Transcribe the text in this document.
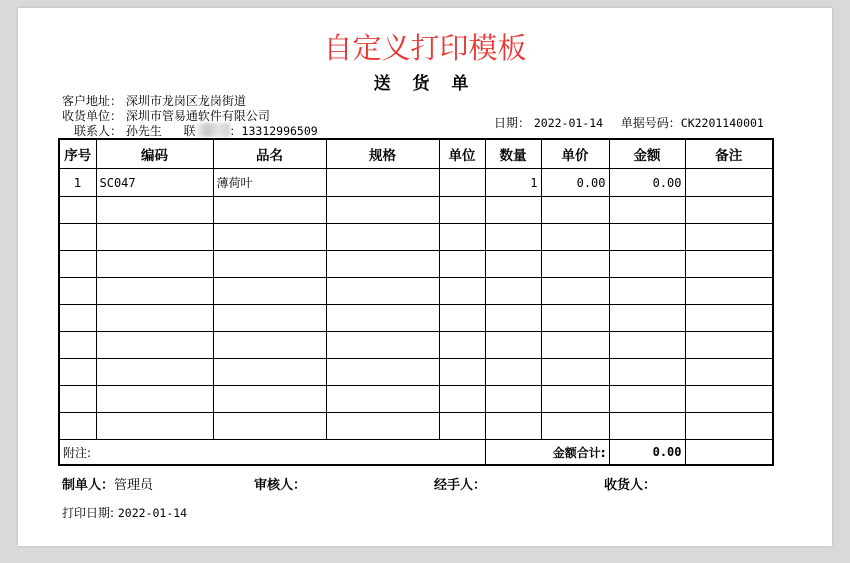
自定义打印模板
送 货 单
客户地址： 深圳市龙岗区龙岗街道
收货单位： 深圳市管易通软件有限公司
联系人： 孙先生 联	：13312996509
日期： 2022-01-14 单据号码：CK2201140001
序号	编码	品名	规格	单位	数量	单价	金额	备注
1	SC047	薄荷叶			1	0.00	0.00	

附注:					金额合计:		0.00	
制单人：管理员	审核人：	经手人：	收货人：
打印日期: 2022-01-14
